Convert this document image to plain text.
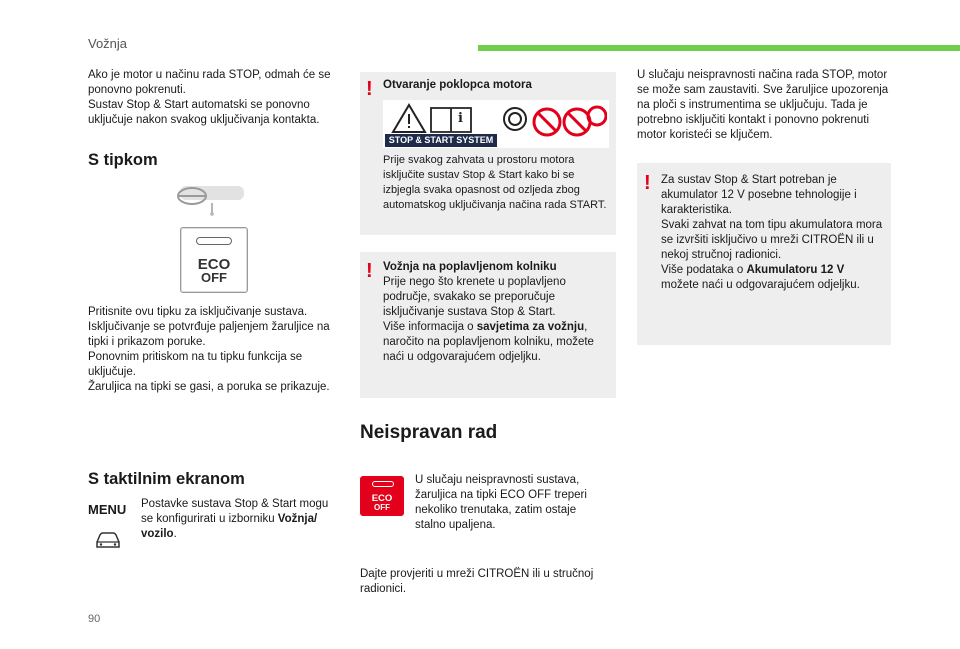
Vožnja
Ako je motor u načinu rada STOP, odmah će se ponovno pokrenuti.
Sustav Stop & Start automatski se ponovno uključuje nakon svakog uključivanja kontakta.
S tipkom
ECO
OFF
Pritisnite ovu tipku za isključivanje sustava.
Isključivanje se potvrđuje paljenjem žaruljice na tipki i prikazom poruke.
Ponovnim pritiskom na tu tipku funkcija se uključuje.
Žaruljica na tipki se gasi, a poruka se prikazuje.
S taktilnim ekranom
MENU Postavke sustava Stop & Start mogu se konfigurirati u izborniku Vožnja/ vozilo.
! Otvaranje poklopca motora
i
STOP & START SYSTEM
Prije svakog zahvata u prostoru motora isključite sustav Stop & Start kako bi se izbjegla svaka opasnost od ozljeda zbog automatskog uključivanja načina rada START.
! Vožnja na poplavljenom kolniku
Prije nego što krenete u poplavljeno područje, svakako se preporučuje isključivanje sustava Stop & Start.
Više informacija o savjetima za vožnju, naročito na poplavljenom kolniku, možete naći u odgovarajućem odjeljku.
Neispravan rad
ECO
OFF
U slučaju neispravnosti sustava, žaruljica na tipki ECO OFF treperi nekoliko trenutaka, zatim ostaje stalno upaljena.
Dajte provjeriti u mreži CITROËN ili u stručnoj radionici.
U slučaju neispravnosti načina rada STOP, motor se može sam zaustaviti. Sve žaruljice upozorenja na ploči s instrumentima se uključuju. Tada je potrebno isključiti kontakt i ponovno pokrenuti motor koristeći se ključem.
! Za sustav Stop & Start potreban je akumulator 12 V posebne tehnologije i karakteristika.
Svaki zahvat na tom tipu akumulatora mora se izvršiti isključivo u mreži CITROËN ili u nekoj stručnoj radionici.
Više podataka o Akumulatoru 12 V možete naći u odgovarajućem odjeljku.
90
